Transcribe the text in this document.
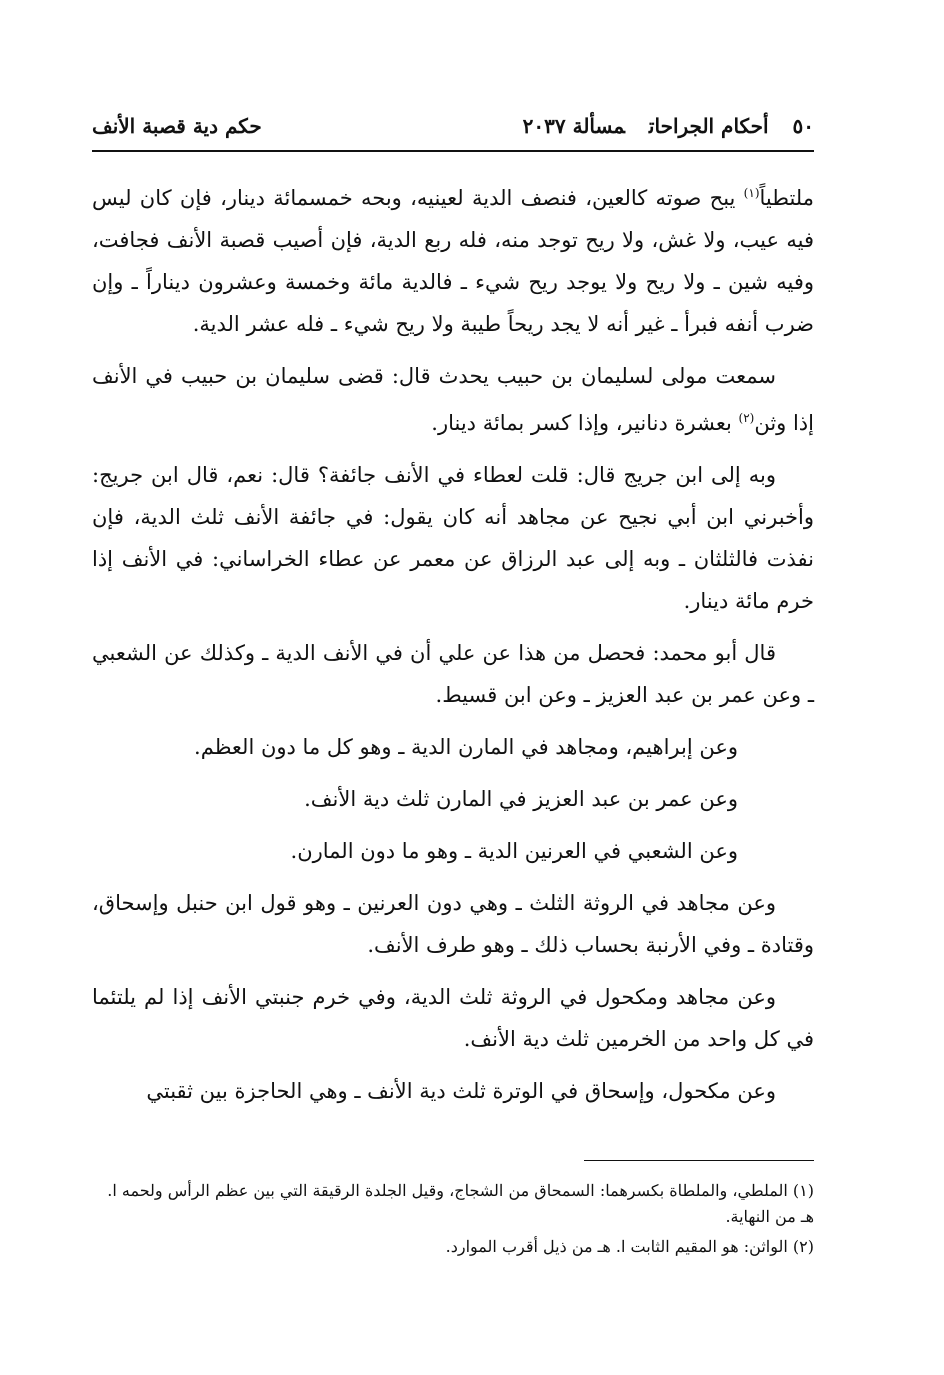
٥٠أحكام الجراحاتمسألة ٢٠٣٧
حكم دية قصبة الأنف

ملتطياً$^{(١)}$ يبح صوته كالعين، فنصف الدية لعينيه، وبحه خمسمائة دينار، فإن كان ليس فيه عيب، ولا غش، ولا ريح توجد منه، فله ربع الدية، فإن أصيب قصبة الأنف فجافت، وفيه شين ـ ولا ريح ولا يوجد ريح شيء ـ فالدية مائة وخمسة وعشرون ديناراً ـ وإن ضرب أنفه فبرأ ـ غير أنه لا يجد ريحاً طيبة ولا ريح شيء ـ فله عشر الدية.

سمعت مولى لسليمان بن حبيب يحدث قال: قضى سليمان بن حبيب في الأنف إذا وثن$^{(٢)}$ بعشرة دنانير، وإذا كسر بمائة دينار.

وبه إلى ابن جريج قال: قلت لعطاء في الأنف جائفة؟ قال: نعم، قال ابن جريج: وأخبرني ابن أبي نجيح عن مجاهد أنه كان يقول: في جائفة الأنف ثلث الدية، فإن نفذت فالثلثان ـ وبه إلى عبد الرزاق عن معمر عن عطاء الخراساني: في الأنف إذا خرم مائة دينار.

قال أبو محمد: فحصل من هذا عن علي أن في الأنف الدية ـ وكذلك عن الشعبي ـ وعن عمر بن عبد العزيز ـ وعن ابن قسيط.

وعن إبراهيم، ومجاهد في المارن الدية ـ وهو كل ما دون العظم.

وعن عمر بن عبد العزيز في المارن ثلث دية الأنف.

وعن الشعبي في العرنين الدية ـ وهو ما دون المارن.

وعن مجاهد في الروثة الثلث ـ وهي دون العرنين ـ وهو قول ابن حنبل وإسحاق، وقتادة ـ وفي الأرنبة بحساب ذلك ـ وهو طرف الأنف.

وعن مجاهد ومكحول في الروثة ثلث الدية، وفي خرم جنبتي الأنف إذا لم يلتئما في كل واحد من الخرمين ثلث دية الأنف.

وعن مكحول، وإسحاق في الوترة ثلث دية الأنف ـ وهي الحاجزة بين ثقبتي

(١) الملطي، والملطاة بكسرهما: السمحاق من الشجاج، وقيل الجلدة الرقيقة التي بين عظم الرأس ولحمه ا. هـ من النهاية.

(٢) الواثن: هو المقيم الثابت ا. هـ من ذيل أقرب الموارد.
